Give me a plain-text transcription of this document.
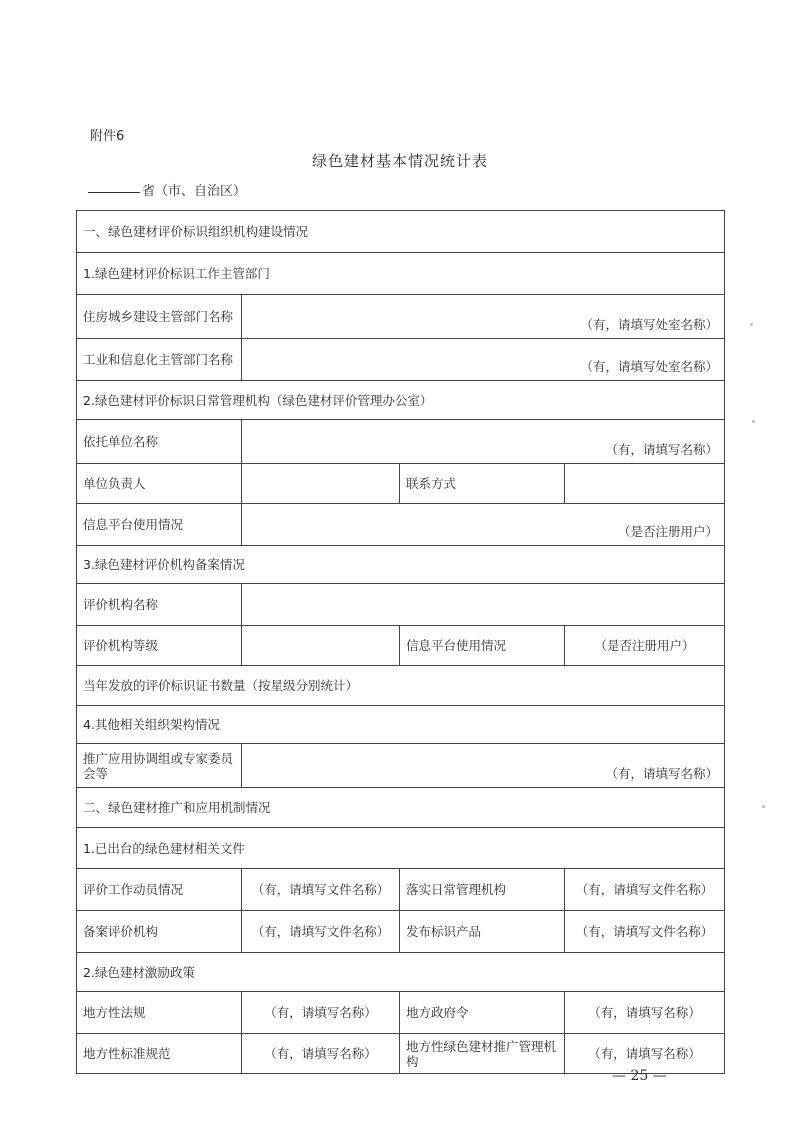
附件6
绿色建材基本情况统计表
省（市、自治区）
一、绿色建材评价标识组织机构建设情况			
1.绿色建材评价标识工作主管部门			
住房城乡建设主管部门名称	（有，请填写处室名称）		
工业和信息化主管部门名称	（有，请填写处室名称）		
2.绿色建材评价标识日常管理机构（绿色建材评价管理办公室）			
依托单位名称	（有，请填写名称）		
单位负责人		联系方式	
信息平台使用情况	（是否注册用户）		
3.绿色建材评价机构备案情况			
评价机构名称			
评价机构等级		信息平台使用情况	（是否注册用户）
当年发放的评价标识证书数量（按星级分别统计）			
4.其他相关组织架构情况			
推广应用协调组或专家委员会等	（有，请填写名称）		
二、绿色建材推广和应用机制情况			
1.已出台的绿色建材相关文件			
评价工作动员情况	（有，请填写文件名称）	落实日常管理机构	（有，请填写文件名称）
备案评价机构	（有，请填写文件名称）	发布标识产品	（有，请填写文件名称）
2.绿色建材激励政策			
地方性法规	（有，请填写名称）	地方政府令	（有，请填写名称）
地方性标准规范	（有，请填写名称）	地方性绿色建材推广管理机构	（有，请填写名称）
— 25 —
